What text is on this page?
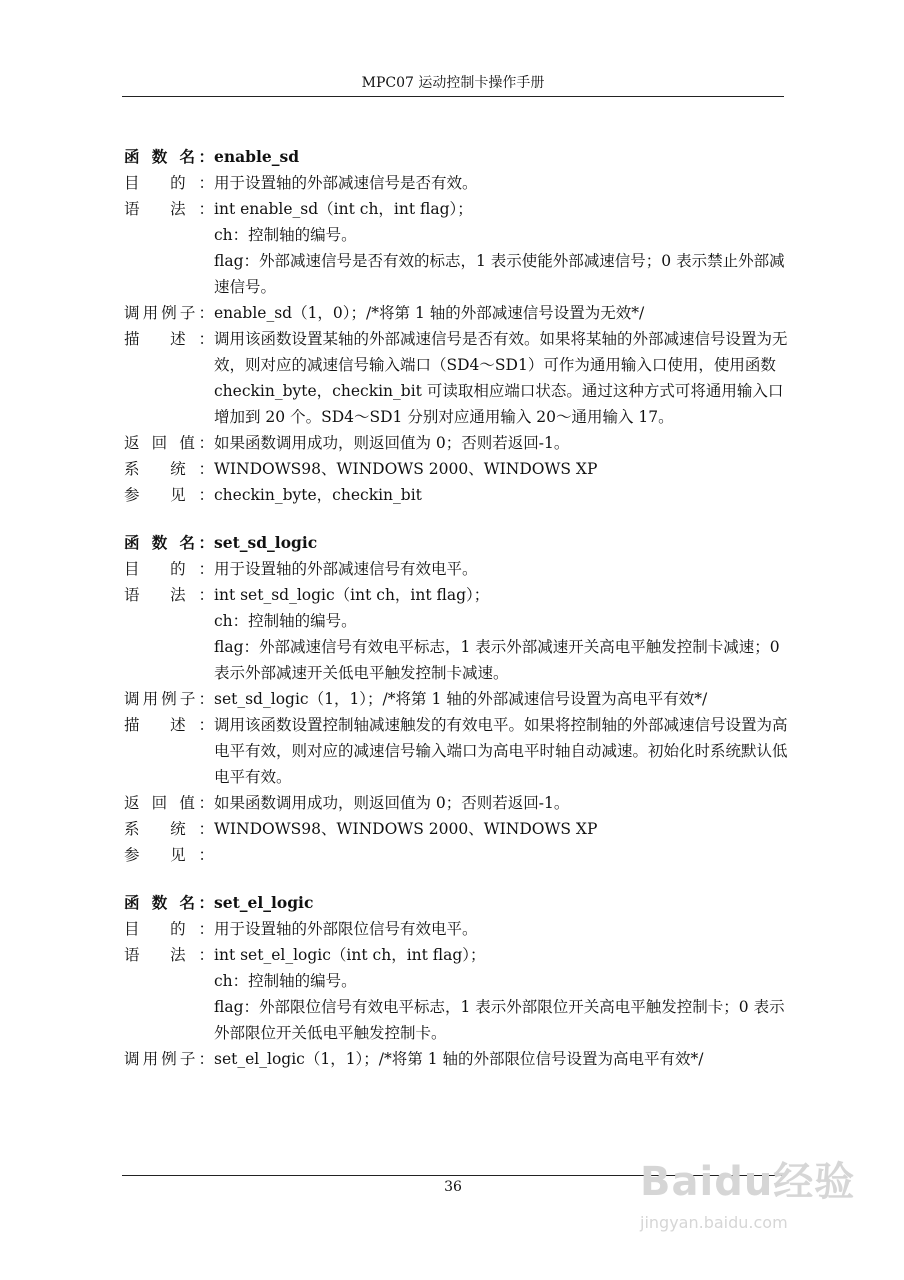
MPC07 运动控制卡操作手册
函 数 名： enable_sd
目 的： 用于设置轴的外部减速信号是否有效。
语 法： int enable_sd（int ch，int flag）；
ch：控制轴的编号。
flag：外部减速信号是否有效的标志，1 表示使能外部减速信号；0 表示禁止外部减速信号。
调用例子： enable_sd（1，0）；/*将第 1 轴的外部减速信号设置为无效*/
描 述： 调用该函数设置某轴的外部减速信号是否有效。如果将某轴的外部减速信号设置为无效，则对应的减速信号输入端口（SD4～SD1）可作为通用输入口使用，使用函数 checkin_byte，checkin_bit 可读取相应端口状态。通过这种方式可将通用输入口增加到 20 个。SD4～SD1 分别对应通用输入 20～通用输入 17。
返 回 值： 如果函数调用成功，则返回值为 0；否则若返回-1。
系 统： WINDOWS98、WINDOWS 2000、WINDOWS XP
参 见： checkin_byte，checkin_bit
函 数 名： set_sd_logic
目 的： 用于设置轴的外部减速信号有效电平。
语 法： int set_sd_logic（int ch，int flag）；
ch：控制轴的编号。
flag：外部减速信号有效电平标志，1 表示外部减速开关高电平触发控制卡减速；0 表示外部减速开关低电平触发控制卡减速。
调用例子： set_sd_logic（1，1）；/*将第 1 轴的外部减速信号设置为高电平有效*/
描 述： 调用该函数设置控制轴减速触发的有效电平。如果将控制轴的外部减速信号设置为高电平有效，则对应的减速信号输入端口为高电平时轴自动减速。初始化时系统默认低电平有效。
返 回 值： 如果函数调用成功，则返回值为 0；否则若返回-1。
系 统： WINDOWS98、WINDOWS 2000、WINDOWS XP
参 见：
函 数 名： set_el_logic
目 的： 用于设置轴的外部限位信号有效电平。
语 法： int set_el_logic（int ch，int flag）；
ch：控制轴的编号。
flag：外部限位信号有效电平标志，1 表示外部限位开关高电平触发控制卡；0 表示外部限位开关低电平触发控制卡。
调用例子： set_el_logic（1，1）；/*将第 1 轴的外部限位信号设置为高电平有效*/
36	Baidu经验
jingyan.baidu.com
